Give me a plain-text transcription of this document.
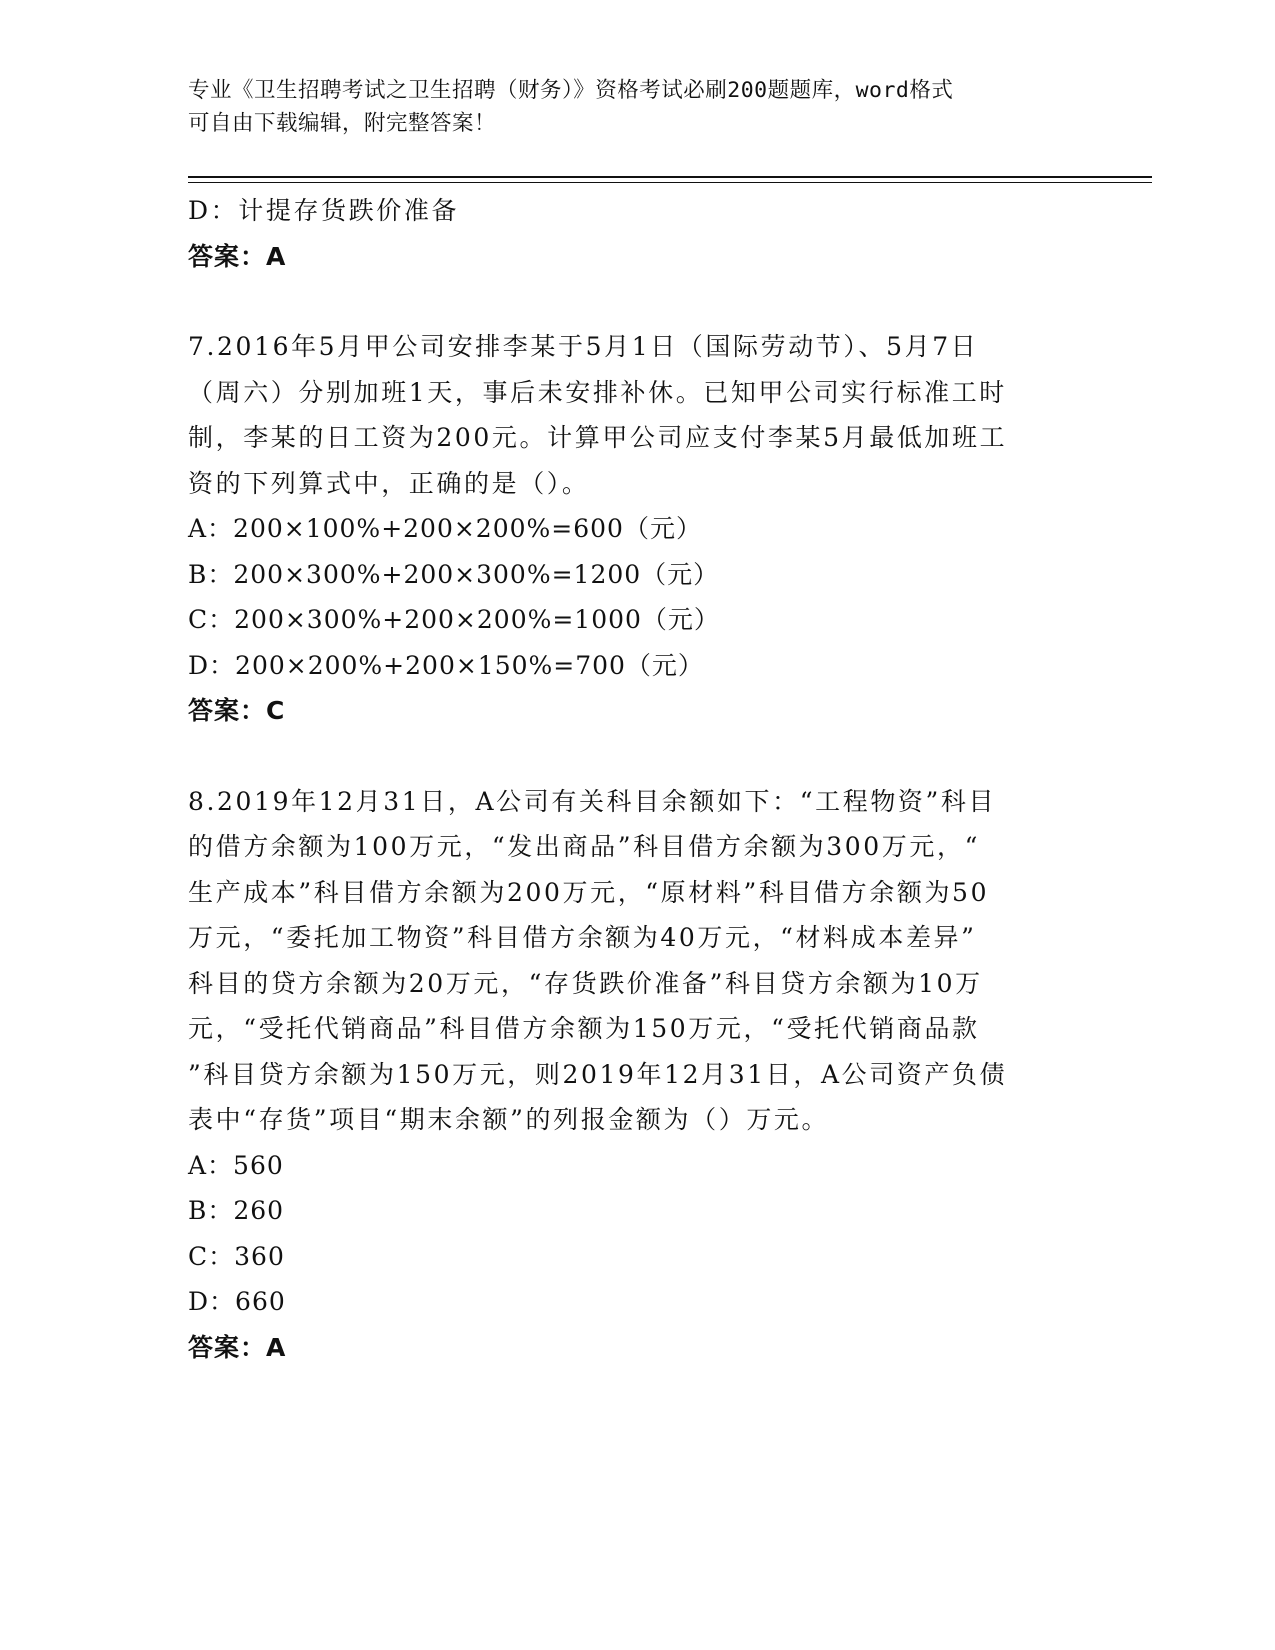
专业《卫生招聘考试之卫生招聘（财务）》资格考试必刷200题题库，word格式
可自由下载编辑，附完整答案！
D：计提存货跌价准备
答案：A
7.2016年5月甲公司安排李某于5月1日（国际劳动节）、5月7日
（周六）分别加班1天，事后未安排补休。已知甲公司实行标准工时
制，李某的日工资为200元。计算甲公司应支付李某5月最低加班工
资的下列算式中，正确的是（）。
A：200×100%+200×200%=600（元）
B：200×300%+200×300%=1200（元）
C：200×300%+200×200%=1000（元）
D：200×200%+200×150%=700（元）
答案：C
8.2019年12月31日，A公司有关科目余额如下：“工程物资”科目
的借方余额为100万元，“发出商品”科目借方余额为300万元，“
生产成本”科目借方余额为200万元，“原材料”科目借方余额为50
万元，“委托加工物资”科目借方余额为40万元，“材料成本差异”
科目的贷方余额为20万元，“存货跌价准备”科目贷方余额为10万
元，“受托代销商品”科目借方余额为150万元，“受托代销商品款
”科目贷方余额为150万元，则2019年12月31日，A公司资产负债
表中“存货”项目“期末余额”的列报金额为（）万元。
A：560
B：260
C：360
D：660
答案：A
